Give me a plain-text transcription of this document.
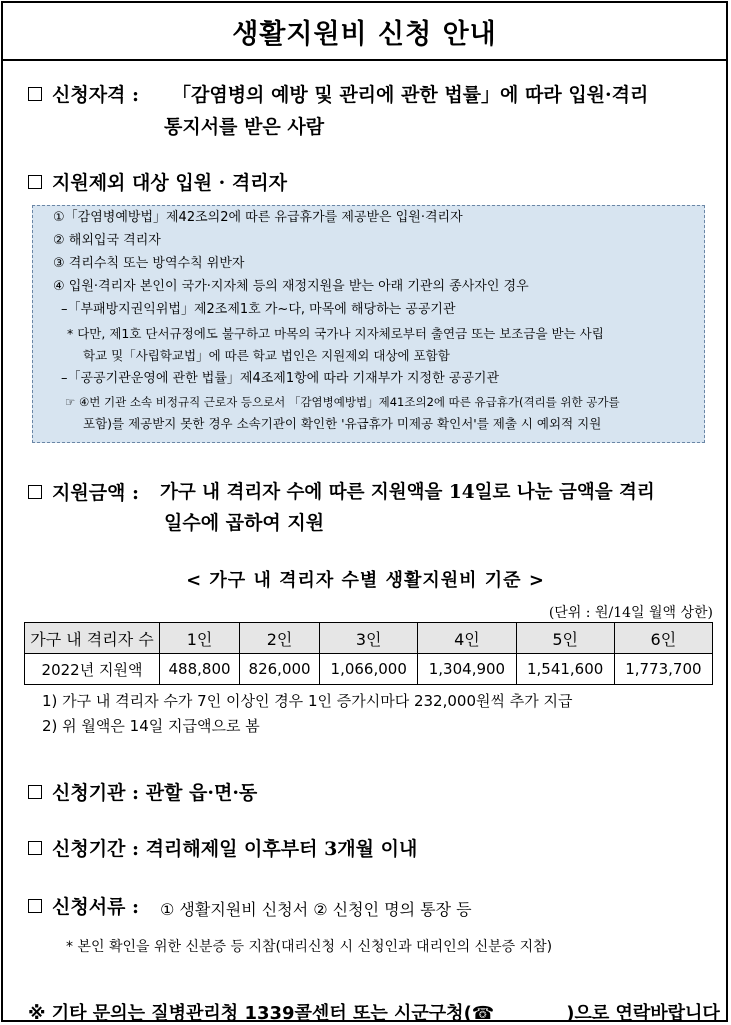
생활지원비 신청 안내
신청자격 : 「감염병의 예방 및 관리에 관한 법률」에 따라 입원·격리
통지서를 받은 사람
지원제외 대상 입원 · 격리자
①「감염병예방법」제42조의2에 따른 유급휴가를 제공받은 입원·격리자
② 해외입국 격리자
③ 격리수칙 또는 방역수칙 위반자
④ 입원·격리자 본인이 국가·지자체 등의 재정지원을 받는 아래 기관의 종사자인 경우
–「부패방지권익위법」제2조제1호 가~다, 마목에 해당하는 공공기관
* 다만, 제1호 단서규정에도 불구하고 마목의 국가나 지자체로부터 출연금 또는 보조금을 받는 사립
학교 및「사립학교법」에 따른 학교 법인은 지원제외 대상에 포함함
–「공공기관운영에 관한 법률」제4조제1항에 따라 기재부가 지정한 공공기관
☞ ④번 기관 소속 비정규직 근로자 등으로서 「감염병예방법」제41조의2에 따른 유급휴가(격리를 위한 공가를
포함)를 제공받지 못한 경우 소속기관이 확인한 '유급휴가 미제공 확인서'를 제출 시 예외적 지원
지원금액 : 가구 내 격리자 수에 따른 지원액을 14일로 나눈 금액을 격리
일수에 곱하여 지원
< 가구 내 격리자 수별 생활지원비 기준 >
(단위 : 원/14일 월액 상한)
가구 내 격리자 수	1인	2인	3인	4인	5인	6인
2022년 지원액	488,800	826,000	1,066,000	1,304,900	1,541,600	1,773,700
1) 가구 내 격리자 수가 7인 이상인 경우 1인 증가시마다 232,000원씩 추가 지급
2) 위 월액은 14일 지급액으로 봄
신청기관 : 관할 읍·면·동
신청기간 : 격리해제일 이후부터 3개월 이내
신청서류 : ① 생활지원비 신청서 ② 신청인 명의 통장 등
* 본인 확인을 위한 신분증 등 지참(대리신청 시 신청인과 대리인의 신분증 지참)
※ 기타 문의는 질병관리청 1339콜센터 또는 시군구청(☎	)으로 연락바랍니다
